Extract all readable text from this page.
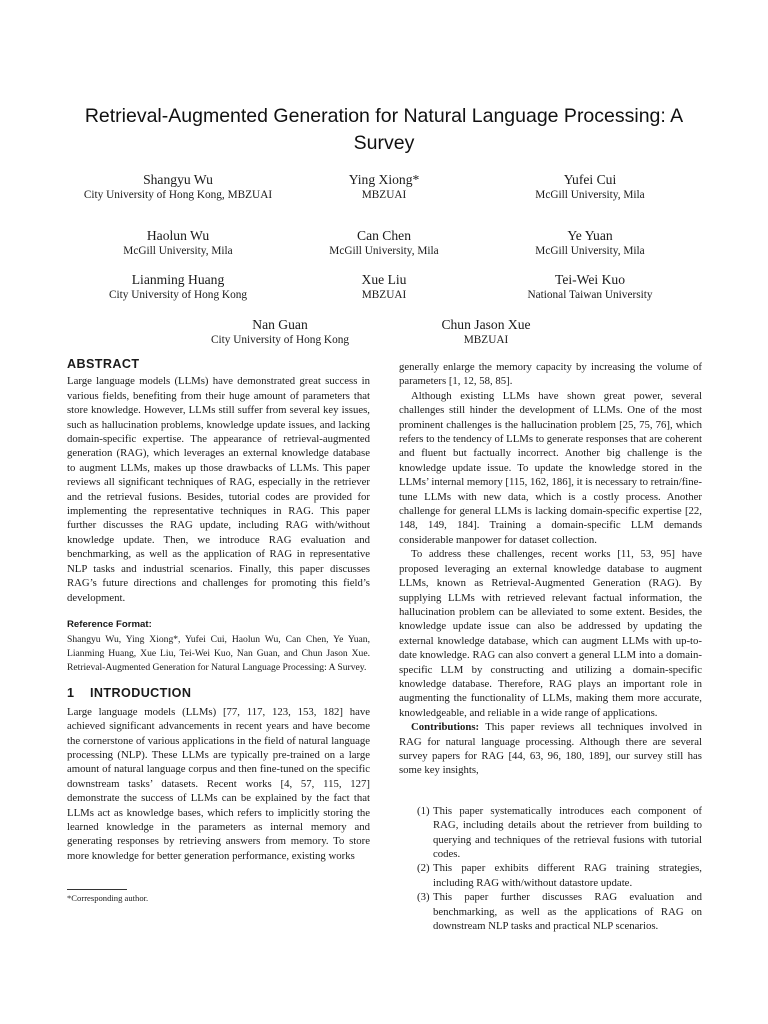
Retrieval-Augmented Generation for Natural Language Processing: A Survey
Shangyu Wu
City University of Hong Kong, MBZUAI
Ying Xiong*
MBZUAI
Yufei Cui
McGill University, Mila
Haolun Wu
McGill University, Mila
Can Chen
McGill University, Mila
Ye Yuan
McGill University, Mila
Lianming Huang
City University of Hong Kong
Xue Liu
MBZUAI
Tei-Wei Kuo
National Taiwan University
Nan Guan
City University of Hong Kong
Chun Jason Xue
MBZUAI
ABSTRACT

Large language models (LLMs) have demonstrated great success in various fields, benefiting from their huge amount of parameters that store knowledge. However, LLMs still suffer from several key issues, such as hallucination problems, knowledge update issues, and lacking domain-specific expertise. The appearance of retrieval-augmented generation (RAG), which leverages an external knowledge database to augment LLMs, makes up those drawbacks of LLMs. This paper reviews all significant techniques of RAG, especially in the retriever and the retrieval fusions. Besides, tutorial codes are provided for implementing the representative techniques in RAG. This paper further discusses the RAG update, including RAG with/without knowledge update. Then, we introduce RAG evaluation and benchmarking, as well as the application of RAG in representative NLP tasks and industrial scenarios. Finally, this paper discusses RAG’s future directions and challenges for promoting this field’s development.

Reference Format:

Shangyu Wu, Ying Xiong*, Yufei Cui, Haolun Wu, Can Chen, Ye Yuan, Lianming Huang, Xue Liu, Tei-Wei Kuo, Nan Guan, and Chun Jason Xue. Retrieval-Augmented Generation for Natural Language Processing: A Survey.

1 INTRODUCTION

Large language models (LLMs) [77, 117, 123, 153, 182] have achieved significant advancements in recent years and have become the cornerstone of various applications in the field of natural language processing (NLP). These LLMs are typically pre-trained on a large amount of natural language corpus and then fine-tuned on the specific downstream tasks’ datasets. Recent works [4, 57, 115, 127] demonstrate the success of LLMs can be explained by the fact that LLMs act as knowledge bases, which refers to implicitly storing the learned knowledge in the parameters as internal memory and generating responses by retrieving answers from memory. To store more knowledge for better generation performance, existing works

*Corresponding author.

generally enlarge the memory capacity by increasing the volume of parameters [1, 12, 58, 85].

Although existing LLMs have shown great power, several challenges still hinder the development of LLMs. One of the most prominent challenges is the hallucination problem [25, 75, 76], which refers to the tendency of LLMs to generate responses that are coherent and fluent but factually incorrect. Another big challenge is the knowledge update issue. To update the knowledge stored in the LLMs’ internal memory [115, 162, 186], it is necessary to retrain/fine-tune LLMs with new data, which is a costly process. Another challenge for general LLMs is lacking domain-specific expertise [22, 148, 149, 184]. Training a domain-specific LLM demands considerable manpower for dataset collection.

To address these challenges, recent works [11, 53, 95] have proposed leveraging an external knowledge database to augment LLMs, known as Retrieval-Augmented Generation (RAG). By supplying LLMs with retrieved relevant factual information, the hallucination problem can be alleviated to some extent. Besides, the knowledge update issue can also be addressed by updating the external knowledge database, which can augment LLMs with up-to-date knowledge. RAG can also convert a general LLM into a domain-specific LLM by constructing and utilizing a domain-specific knowledge database. Therefore, RAG plays an important role in augmenting the functionality of LLMs, making them more accurate, knowledgeable, and reliable in a wide range of applications.

Contributions: This paper reviews all techniques involved in RAG for natural language processing. Although there are several survey papers for RAG [44, 63, 96, 180, 189], our survey still has some key insights,

(1) This paper systematically introduces each component of RAG, including details about the retriever from building to querying and techniques of the retrieval fusions with tutorial codes.
(2) This paper exhibits different RAG training strategies, including RAG with/without datastore update.
(3) This paper further discusses RAG evaluation and benchmarking, as well as the applications of RAG on downstream NLP tasks and practical NLP scenarios.
